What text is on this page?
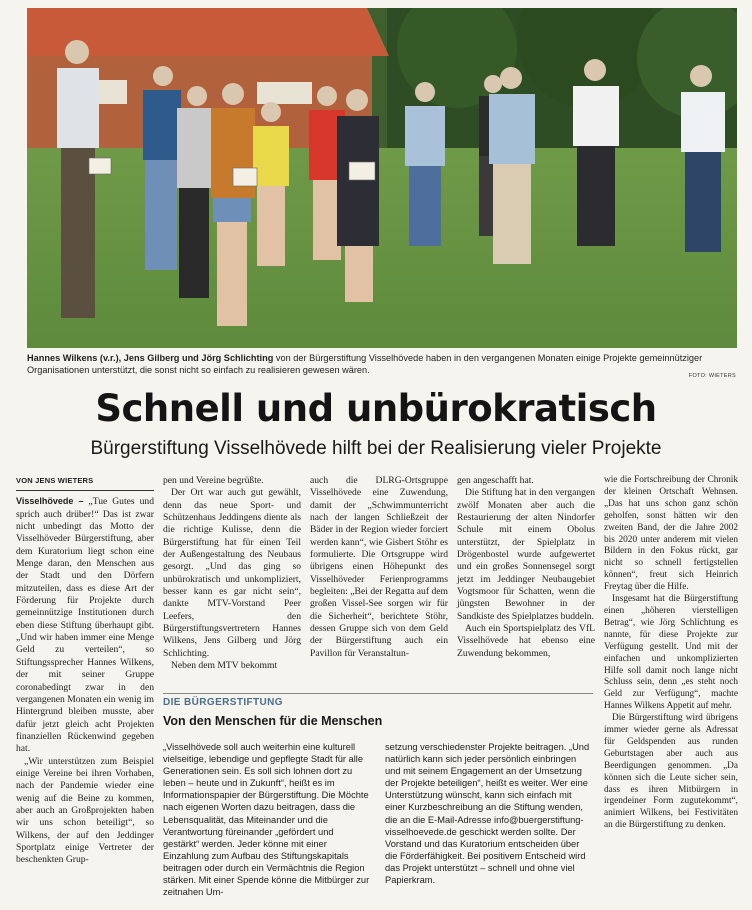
Hannes Wilkens (v.r.), Jens Gilberg und Jörg Schlichting von der Bürgerstiftung Visselhövede haben in den vergangenen Monaten einige Projekte gemeinnütziger Organisationen unterstützt, die sonst nicht so einfach zu realisieren gewesen wären.
FOTO: WIETERS
Schnell und unbürokratisch
Bürgerstiftung Visselhövede hilft bei der Realisierung vieler Projekte
VON JENS WIETERS

Visselhövede – „Tue Gutes und sprich auch drüber!“ Das ist zwar nicht unbedingt das Motto der Visselhöveder Bürgerstiftung, aber dem Kuratorium liegt schon eine Menge daran, den Menschen aus der Stadt und den Dörfern mitzuteilen, dass es diese Art der Förderung für Projekte durch gemeinnützige Institutionen durch eben diese Stiftung überhaupt gibt. „Und wir haben immer eine Menge Geld zu verteilen“, so Stiftungssprecher Hannes Wilkens, der mit seiner Gruppe coronabedingt zwar in den vergangenen Monaten ein wenig im Hintergrund bleiben musste, aber dafür jetzt gleich acht Projekten finanziellen Rückenwind gegeben hat.

„Wir unterstützen zum Beispiel einige Vereine bei ihren Vorhaben, nach der Pandemie wieder eine wenig auf die Beine zu kommen, aber auch an Großprojekten haben wir uns schon beteiligt“, so Wilkens, der auf den Jeddinger Sportplatz einige Vertreter der beschenkten Grup-

pen und Vereine begrüßte.

Der Ort war auch gut gewählt, denn das neue Sport- und Schützenhaus Jeddingens diente als die richtige Kulisse, denn die Bürgerstiftung hat für einen Teil der Außengestaltung des Neubaus gesorgt. „Und das ging so unbürokratisch und unkompliziert, besser kann es gar nicht sein“, dankte MTV-Vorstand Peer Leefers, den Bürgerstiftungsvertretern Hannes Wilkens, Jens Gilberg und Jörg Schlichting.

Neben dem MTV bekommt

auch die DLRG-Ortsgruppe Visselhövede eine Zuwendung, damit der „Schwimmunterricht nach der langen Schließzeit der Bäder in der Region wieder forciert werden kann“, wie Gisbert Stöhr es formulierte. Die Ortsgruppe wird übrigens einen Höhepunkt des Visselhöveder Ferienprogramms begleiten: „Bei der Regatta auf dem großen Vissel-See sorgen wir für die Sicherheit“, berichtete Stöhr, dessen Gruppe sich von dem Geld der Bürgerstiftung auch ein Pavillon für Veranstaltun-

gen angeschafft hat.

Die Stiftung hat in den vergangen zwölf Monaten aber auch die Restaurierung der alten Nindorfer Schule mit einem Obolus unterstützt, der Spielplatz in Drögenbostel wurde aufgewertet und ein großes Sonnensegel sorgt jetzt im Jeddinger Neubaugebiet Vogtsmoor für Schatten, wenn die jüngsten Bewohner in der Sandkiste des Spielplatzes buddeln.

Auch ein Sportspielplatz des VfL Visselhövede hat ebenso eine Zuwendung bekommen,

wie die Fortschreibung der Chronik der kleinen Ortschaft Wehnsen. „Das hat uns schon ganz schön geholfen, sonst hätten wir den zweiten Band, der die Jahre 2002 bis 2020 unter anderem mit vielen Bildern in den Fokus rückt, gar nicht so schnell fertigstellen können“, freut sich Heinrich Freytag über die Hilfe.

Insgesamt hat die Bürgerstiftung einen „höheren vierstelligen Betrag“, wie Jörg Schlichtung es nannte, für diese Projekte zur Verfügung gestellt. Und mit der einfachen und unkomplizierten Hilfe soll damit noch lange nicht Schluss sein, denn „es steht noch Geld zur Verfügung“, machte Hannes Wilkens Appetit auf mehr.

Die Bürgerstiftung wird übrigens immer wieder gerne als Adressat für Geldspenden aus runden Geburtstagen aber auch aus Beerdigungen genommen. „Da können sich die Leute sicher sein, dass es ihren Mitbürgern in irgendeiner Form zugutekommt“, animiert Wilkens, bei Festivitäten an die Bürgerstiftung zu denken.

DIE BÜRGERSTIFTUNG
Von den Menschen für die Menschen

„Visselhövede soll auch weiterhin eine kulturell vielseitige, lebendige und gepflegte Stadt für alle Generationen sein. Es soll sich lohnen dort zu leben – heute und in Zukunft“, heißt es im Informationspapier der Bürgerstiftung. Die Möchte nach eigenen Worten dazu beitragen, dass die Lebensqualität, das Miteinander und die Verantwortung füreinander „gefördert und gestärkt“ werden. Jeder könne mit einer Einzahlung zum Aufbau des Stiftungskapitals beitragen oder durch ein Vermächtnis die Region stärken. Mit einer Spende könne die Mitbürger zur zeitnahen Um-

setzung verschiedenster Projekte beitragen. „Und natürlich kann sich jeder persönlich einbringen und mit seinem Engagement an der Umsetzung der Projekte beteiligen“, heißt es weiter. Wer eine Unterstützung wünscht, kann sich einfach mit einer Kurzbeschreibung an die Stiftung wenden, die an die E-Mail-Adresse info@buergerstiftung-visselhoevede.de geschickt werden sollte. Der Vorstand und das Kuratorium entscheiden über die Förderfähigkeit. Bei positivem Entscheid wird das Projekt unterstützt – schnell und ohne viel Papierkram.
